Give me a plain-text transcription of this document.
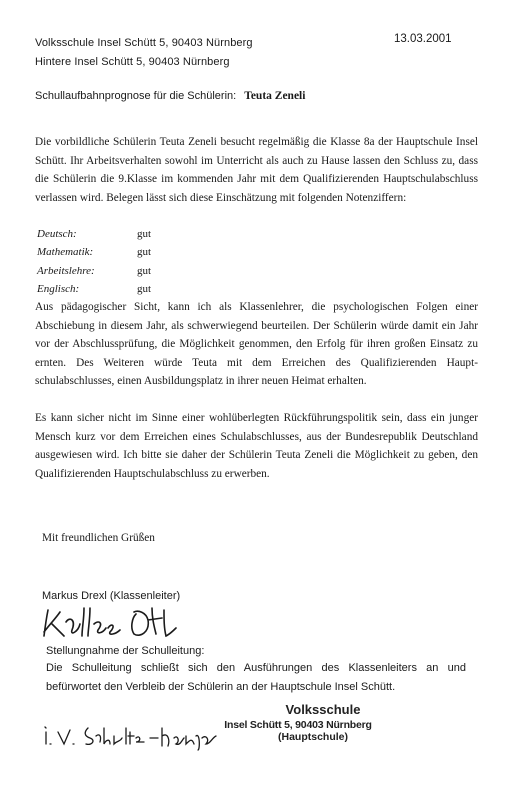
Volksschule Insel Schütt 5, 90403 Nürnberg
Hintere Insel Schütt 5, 90403 Nürnberg
13.03.2001
Schullaufbahnprognose für die Schülerin: Teuta Zeneli
Die vorbildliche Schülerin Teuta Zeneli besucht regelmäßig die Klasse 8a der Hauptschule Insel Schütt. Ihr Arbeitsverhalten sowohl im Unterricht als auch zu Hause lassen den Schluss zu, dass die Schülerin die 9.Klasse im kommenden Jahr mit dem Qualifizierenden Hauptschulabschluss verlassen wird. Belegen lässt sich diese Einschätzung mit folgenden Notenziffern:
Deutsch:	gut
Mathematik:	gut
Arbeitslehre:	gut
Englisch:	gut
Aus pädagogischer Sicht, kann ich als Klassenlehrer, die psychologischen Folgen einer Abschiebung in diesem Jahr, als schwerwiegend beurteilen. Der Schülerin würde damit ein Jahr vor der Abschlussprüfung, die Möglichkeit genommen, den Erfolg für ihren großen Einsatz zu ernten. Des Weiteren würde Teuta mit dem Erreichen des Qualifizierenden Haupt-schulabschlusses, einen Ausbildungsplatz in ihrer neuen Heimat erhalten.
Es kann sicher nicht im Sinne einer wohlüberlegten Rückführungspolitik sein, dass ein junger Mensch kurz vor dem Erreichen eines Schulabschlusses, aus der Bundesrepublik Deutschland ausgewiesen wird. Ich bitte sie daher der Schülerin Teuta Zeneli die Möglichkeit zu geben, den Qualifizierenden Hauptschulabschluss zu erwerben.
Mit freundlichen Grüßen
Markus Drexl (Klassenleiter)
Stellungnahme der Schulleitung:
Die Schulleitung schließt sich den Ausführungen des Klassenleiters an und befürwortet den Verbleib der Schülerin an der Hauptschule Insel Schütt.
Volksschule
Insel Schütt 5, 90403 Nürnberg
(Hauptschule)
